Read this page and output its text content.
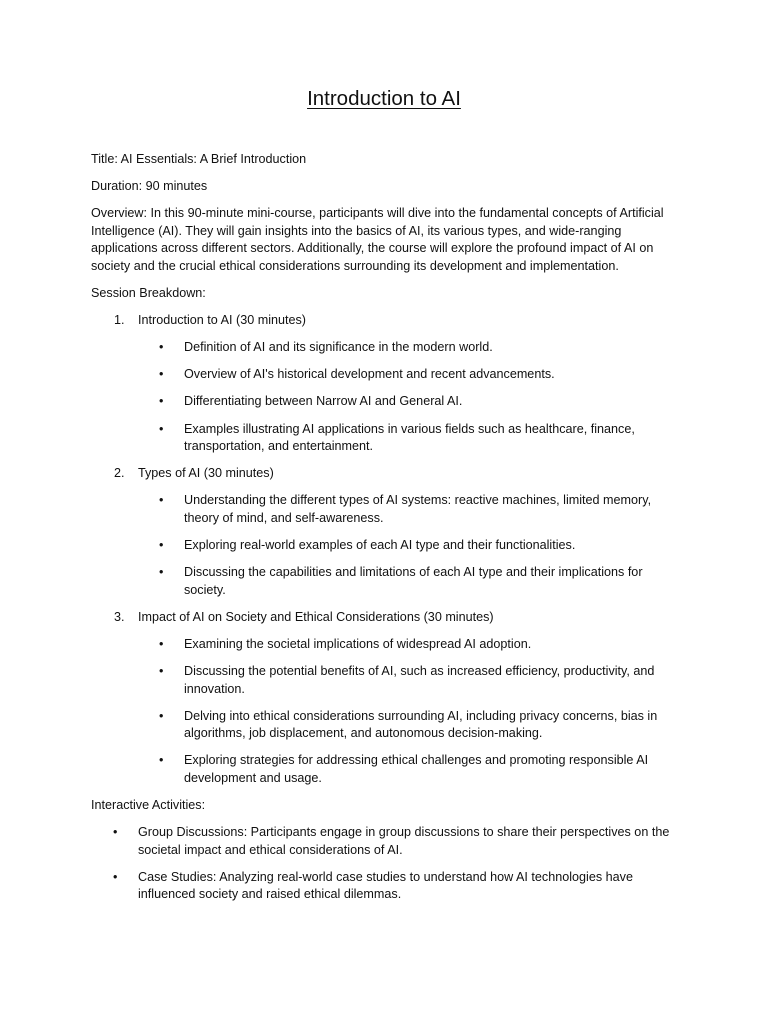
Introduction to AI

Title: AI Essentials: A Brief Introduction

Duration: 90 minutes

Overview: In this 90-minute mini-course, participants will dive into the fundamental concepts of Artificial Intelligence (AI). They will gain insights into the basics of AI, its various types, and wide-ranging applications across different sectors. Additionally, the course will explore the profound impact of AI on society and the crucial ethical considerations surrounding its development and implementation.

Session Breakdown:

1. Introduction to AI (30 minutes)
• Definition of AI and its significance in the modern world.
• Overview of AI's historical development and recent advancements.
• Differentiating between Narrow AI and General AI.
• Examples illustrating AI applications in various fields such as healthcare, finance, transportation, and entertainment.
2. Types of AI (30 minutes)
• Understanding the different types of AI systems: reactive machines, limited memory, theory of mind, and self-awareness.
• Exploring real-world examples of each AI type and their functionalities.
• Discussing the capabilities and limitations of each AI type and their implications for society.
3. Impact of AI on Society and Ethical Considerations (30 minutes)
• Examining the societal implications of widespread AI adoption.
• Discussing the potential benefits of AI, such as increased efficiency, productivity, and innovation.
• Delving into ethical considerations surrounding AI, including privacy concerns, bias in algorithms, job displacement, and autonomous decision-making.
• Exploring strategies for addressing ethical challenges and promoting responsible AI development and usage.

Interactive Activities:

• Group Discussions: Participants engage in group discussions to share their perspectives on the societal impact and ethical considerations of AI.
• Case Studies: Analyzing real-world case studies to understand how AI technologies have influenced society and raised ethical dilemmas.
